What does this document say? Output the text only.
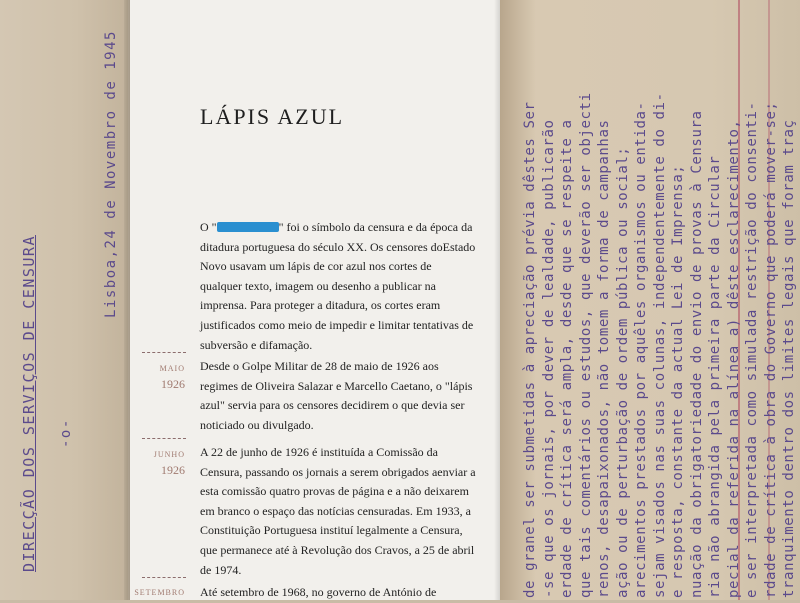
Lisboa,24 de Novembro de 1945
DIRECÇÃO DOS SERVIÇOS DE CENSURA -o-
LÁPIS AZUL
O "	" foi o símbolo da censura e da época da ditadura portuguesa do século XX. Os censores doEstado Novo usavam um lápis de cor azul nos cortes de qualquer texto, imagem ou desenho a publicar na imprensa. Para proteger a ditadura, os cortes eram justificados como meio de impedir e limitar tentativas de subversão e difamação.
MAIO
1926
Desde o Golpe Militar de 28 de maio de 1926 aos regimes de Oliveira Salazar e Marcello Caetano, o "lápis azul" servia para os censores decidirem o que devia ser noticiado ou divulgado.
JUNHO
1926
A 22 de junho de 1926 é instituída a Comissão da Censura, passando os jornais a serem obrigados aenviar a esta comissão quatro provas de página e a não deixarem em branco o espaço das notícias censuradas. Em 1933, a Constituição Portuguesa instituí legalmente a Censura, que permanece até à Revolução dos Cravos, a 25 de abril de 1974.
SETEMBRO Até setembro de 1968, no governo de António de	de granel ser submetidas à apreciação prévia dêstes Ser -se que os jornais, por dever de lealdade, publicarão erdade de crítica será ampla, desde que se respeite a que tais comentários ou estudos, que deverão ser objecti renos, desapaixonados, não tomem a forma de campanhas ação ou de perturbação de ordem pública ou social; arecimentos prestados por aquêles organismos ou entida- sejam visados nas suas colunas, independentemente do di- e resposta, constante da actual Lei de Imprensa; nuação da obrigatoriedade do envio de provas à Censura ria não abrangida pela primeira parte da Circular pecial da referida na alínea a) dêste esclarecimento, e ser interpretada como simulada restrição do consenti- rdade de crítica à obra do Governo que poderá mover-se; tranquimento dentro dos limites legais que foram traç
